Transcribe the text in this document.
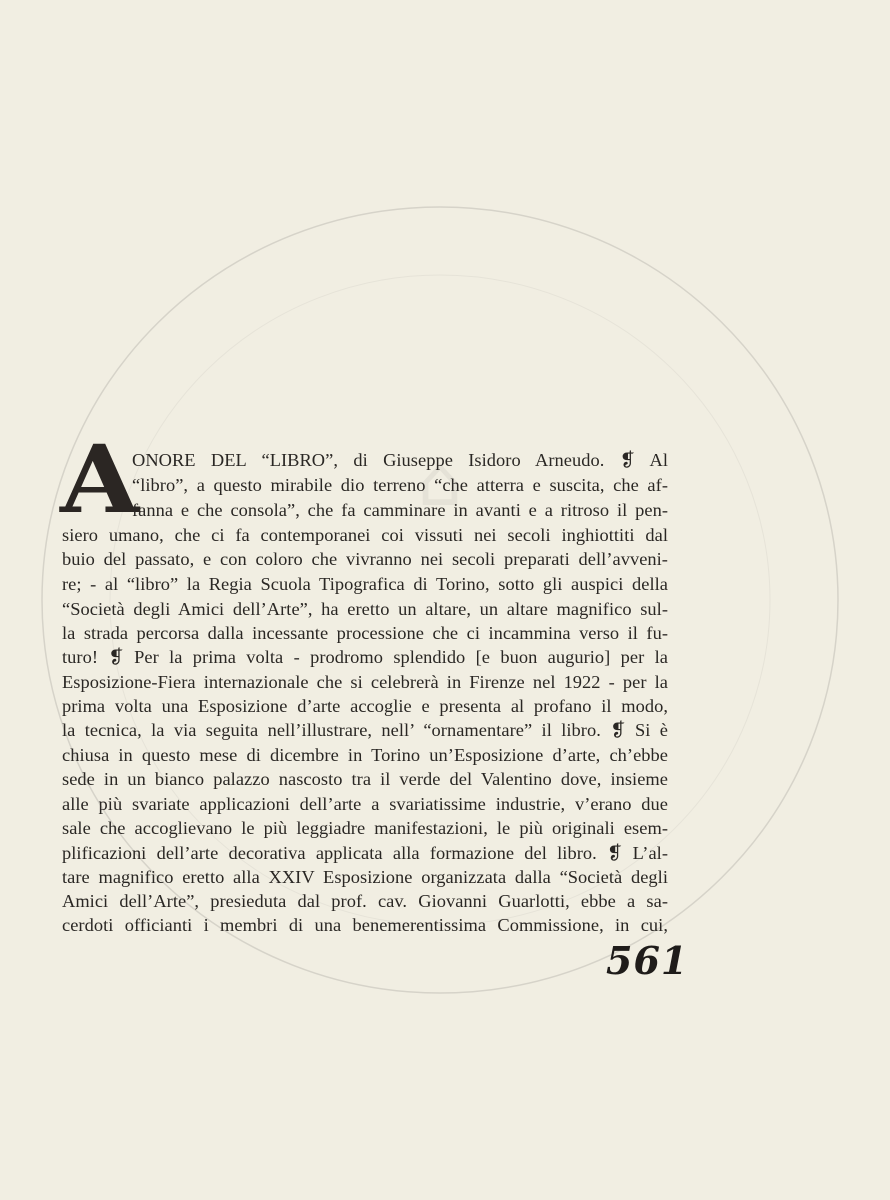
⌂
A
ONORE DEL “LIBRO”, di Giuseppe Isidoro Arneudo. ❡ Al
“libro”, a questo mirabile dio terreno “che atterra e suscita, che af-
fanna e che consola”, che fa camminare in avanti e a ritroso il pen-
siero umano, che ci fa contemporanei coi vissuti nei secoli inghiottiti dal
buio del passato, e con coloro che vivranno nei secoli preparati dell’avveni-
re; - al “libro” la Regia Scuola Tipografica di Torino, sotto gli auspici della
“Società degli Amici dell’Arte”, ha eretto un altare, un altare magnifico sul-
la strada percorsa dalla incessante processione che ci incammina verso il fu-
turo! ❡ Per la prima volta - prodromo splendido [e buon augurio] per la
Esposizione-Fiera internazionale che si celebrerà in Firenze nel 1922 - per la
prima volta una Esposizione d’arte accoglie e presenta al profano il modo,
la tecnica, la via seguita nell’illustrare, nell’ “ornamentare” il libro. ❡ Si è
chiusa in questo mese di dicembre in Torino un’Esposizione d’arte, ch’ebbe
sede in un bianco palazzo nascosto tra il verde del Valentino dove, insieme
alle più svariate applicazioni dell’arte a svariatissime industrie, v’erano due
sale che accoglievano le più leggiadre manifestazioni, le più originali esem-
plificazioni dell’arte decorativa applicata alla formazione del libro. ❡ L’al-
tare magnifico eretto alla XXIV Esposizione organizzata dalla “Società degli
Amici dell’Arte”, presieduta dal prof. cav. Giovanni Guarlotti, ebbe a sa-
cerdoti officianti i membri di una benemerentissima Commissione, in cui,
561
